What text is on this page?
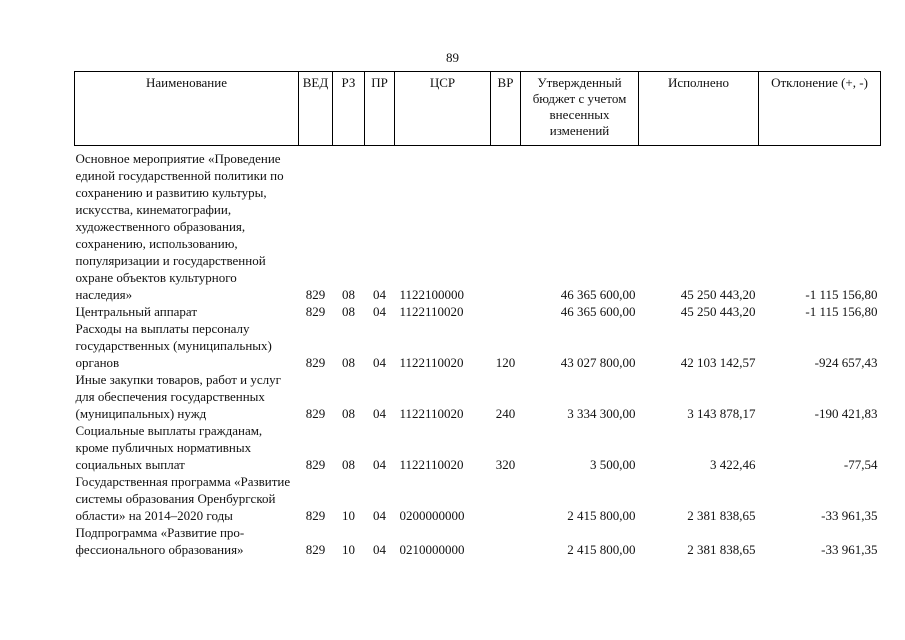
89
Наименование	ВЕД	РЗ	ПР	ЦСР	ВР	Утвержденный бюджет с учетом внесенных изменений	Исполнено	Отклонение (+, -)
Основное мероприятие «Проведение единой государственной политики по сохранению и развитию культуры, искусства, кинематографии, художественного образования, сохранению, использованию, популяризации и государственной охране объектов культурного наследия»	829	08	04	1122100000		46 365 600,00	45 250 443,20	-1 115 156,80
Центральный аппарат	829	08	04	1122110020		46 365 600,00	45 250 443,20	-1 115 156,80
Расходы на выплаты персоналу государственных (муниципальных) органов	829	08	04	1122110020	120	43 027 800,00	42 103 142,57	-924 657,43
Иные закупки товаров, работ и услуг для обеспечения государственных (муниципальных) нужд	829	08	04	1122110020	240	3 334 300,00	3 143 878,17	-190 421,83
Социальные выплаты гражданам, кроме публичных нормативных социальных выплат	829	08	04	1122110020	320	3 500,00	3 422,46	-77,54
Государственная программа «Развитие системы образования Оренбургской области» на 2014–2020 годы	829	10	04	0200000000		2 415 800,00	2 381 838,65	-33 961,35
Подпрограмма «Развитие профессионального образования»	829	10	04	0210000000		2 415 800,00	2 381 838,65	-33 961,35
